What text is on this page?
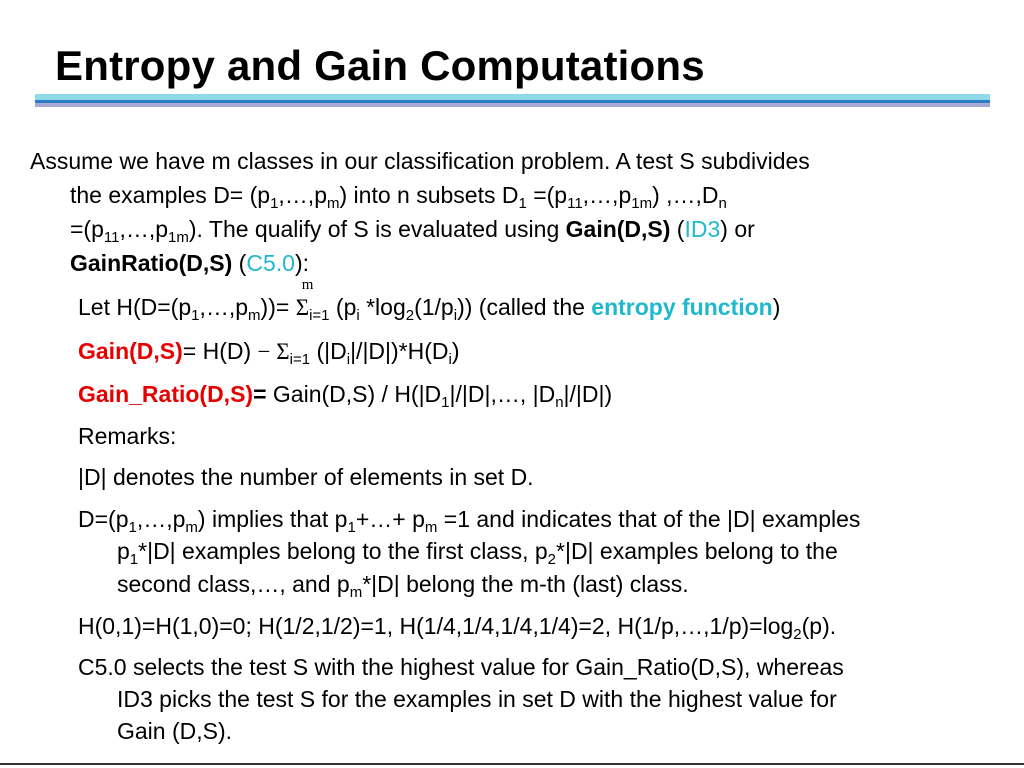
Entropy and Gain Computations
Assume we have m classes in our classification problem. A test S subdivides
the examples $D= (p_1,\dots,p_m)$ into n subsets $D_1$ $=(p_{11},\dots,p_{1m})$ $,\dots,D_n$
$=(p_{11},\dots,p_{1m})$. The qualify of S is evaluated using Gain(D,S) (ID3) or
GainRatio(D,S) (C5.0):
Let $H(D=(p_1,\dots,p_m))=$
m
$\Sigma_{i=1}$ ($p_i$ $*\log_2(1/p_i)$) (called the entropy function)
Gain(D,S)= $H(D) - \Sigma_{i=1}$ $(|D_i|/|D|)*H(D_i)$
Gain_Ratio(D,S)= Gain(D,S) / $H(|D_1|/|D|,\dots$, $|D_n|/|D|$)
Remarks:
|D| denotes the number of elements in set D.
$D=(p_1,\dots,p_m)$ implies that $p_1+\dots+ p_m =1$ and indicates that of the |D| examples
$p_1*|D|$ examples belong to the first class, $p_2*|D|$ examples belong to the
second class,…, and $p_m*|D|$ belong the m-th (last) class.
H(0,1)=H(1,0)=0; H(1/2,1/2)=1, H(1/4,1/4,1/4,1/4)=2, $H(1/p,\dots,1/p)=\log_2(p)$.
C5.0 selects the test S with the highest value for Gain_Ratio(D,S), whereas
ID3 picks the test S for the examples in set D with the highest value for
Gain (D,S).
